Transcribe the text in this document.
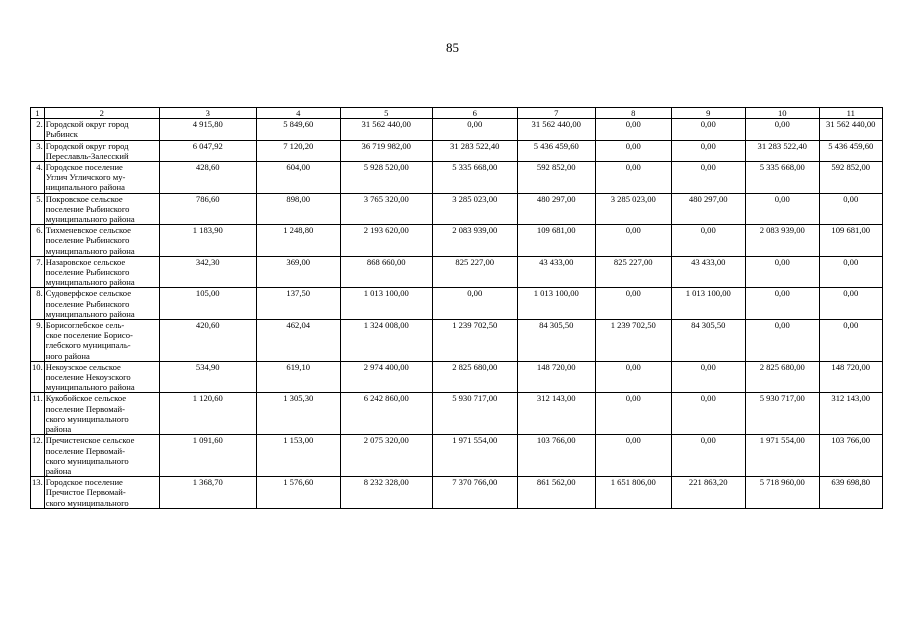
85
1	2	3	4	5	6	7	8	9	10	11
2.	Городской округ город
Рыбинск	4 915,80	5 849,60	31 562 440,00	0,00	31 562 440,00	0,00	0,00	0,00	31 562 440,00
3.	Городской округ город
Переславль-Залесский	6 047,92	7 120,20	36 719 982,00	31 283 522,40	5 436 459,60	0,00	0,00	31 283 522,40	5 436 459,60
4.	Городское поселение
Углич Угличского му-
ниципального района	428,60	604,00	5 928 520,00	5 335 668,00	592 852,00	0,00	0,00	5 335 668,00	592 852,00
5.	Покровское сельское
поселение Рыбинского
муниципального района	786,60	898,00	3 765 320,00	3 285 023,00	480 297,00	3 285 023,00	480 297,00	0,00	0,00
6.	Тихменевское сельское
поселение Рыбинского
муниципального района	1 183,90	1 248,80	2 193 620,00	2 083 939,00	109 681,00	0,00	0,00	2 083 939,00	109 681,00
7.	Назаровское сельское
поселение Рыбинского
муниципального района	342,30	369,00	868 660,00	825 227,00	43 433,00	825 227,00	43 433,00	0,00	0,00
8.	Судоверфское сельское
поселение Рыбинского
муниципального района	105,00	137,50	1 013 100,00	0,00	1 013 100,00	0,00	1 013 100,00	0,00	0,00
9.	Борисоглебское сель-
ское поселение Борисо-
глебского муниципаль-
ного района	420,60	462,04	1 324 008,00	1 239 702,50	84 305,50	1 239 702,50	84 305,50	0,00	0,00
10.	Некоузское сельское
поселение Некоузского
муниципального района	534,90	619,10	2 974 400,00	2 825 680,00	148 720,00	0,00	0,00	2 825 680,00	148 720,00
11.	Кукобойское сельское
поселение Первомай-
ского муниципального
района	1 120,60	1 305,30	6 242 860,00	5 930 717,00	312 143,00	0,00	0,00	5 930 717,00	312 143,00
12.	Пречистенское сельское
поселение Первомай-
ского муниципального
района	1 091,60	1 153,00	2 075 320,00	1 971 554,00	103 766,00	0,00	0,00	1 971 554,00	103 766,00
13.	Городское поселение
Пречистое Первомай-
ского муниципального	1 368,70	1 576,60	8 232 328,00	7 370 766,00	861 562,00	1 651 806,00	221 863,20	5 718 960,00	639 698,80
